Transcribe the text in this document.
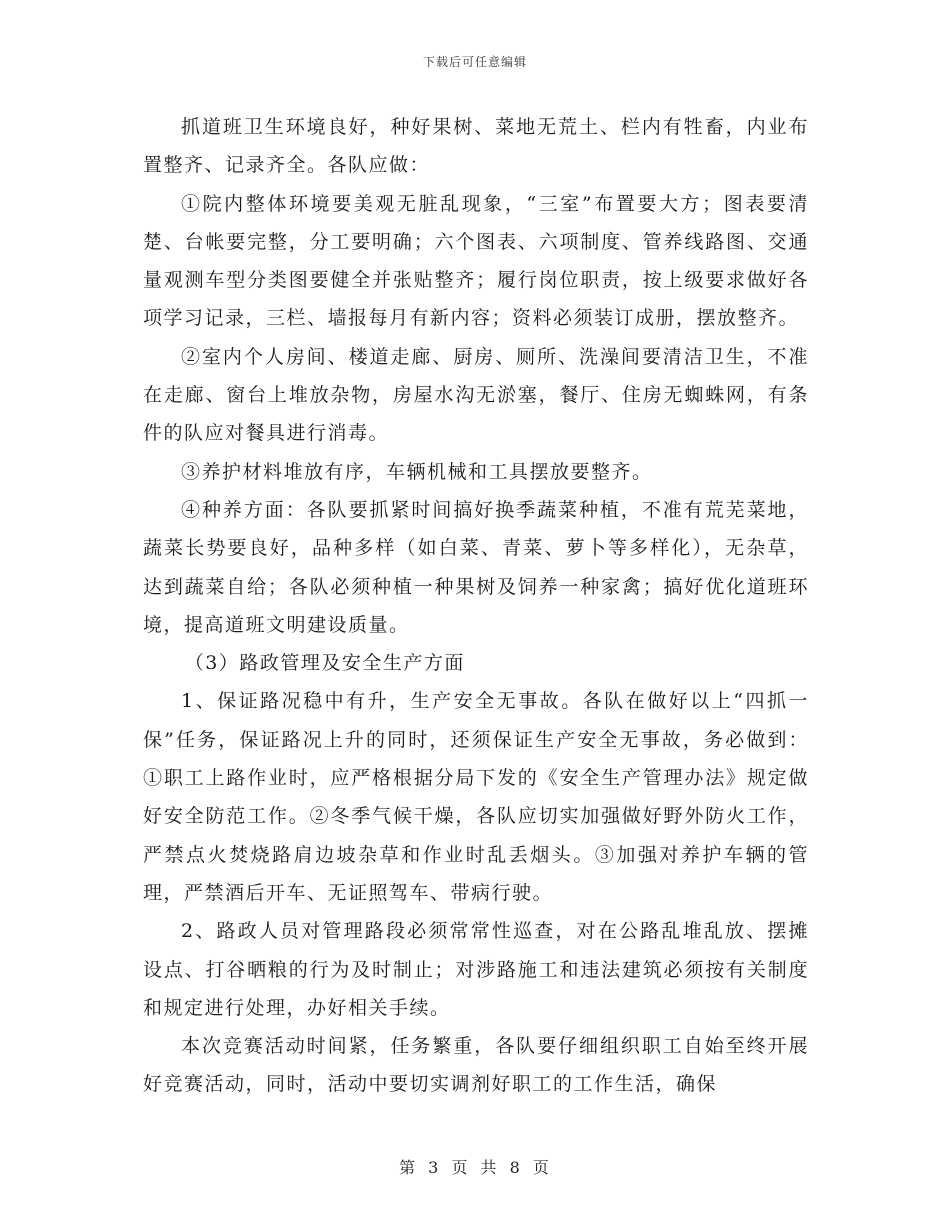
下载后可任意编辑

抓道班卫生环境良好，种好果树、菜地无荒土、栏内有牲畜，内业布置整齐、记录齐全。各队应做：

①院内整体环境要美观无脏乱现象，“三室”布置要大方；图表要清楚、台帐要完整，分工要明确；六个图表、六项制度、管养线路图、交通量观测车型分类图要健全并张贴整齐；履行岗位职责，按上级要求做好各项学习记录，三栏、墙报每月有新内容；资料必须装订成册，摆放整齐。

②室内个人房间、楼道走廊、厨房、厕所、洗澡间要清洁卫生，不准在走廊、窗台上堆放杂物，房屋水沟无淤塞，餐厅、住房无蜘蛛网，有条件的队应对餐具进行消毒。

③养护材料堆放有序，车辆机械和工具摆放要整齐。

④种养方面：各队要抓紧时间搞好换季蔬菜种植，不准有荒芜菜地，蔬菜长势要良好，品种多样（如白菜、青菜、萝卜等多样化），无杂草，达到蔬菜自给；各队必须种植一种果树及饲养一种家禽；搞好优化道班环境，提高道班文明建设质量。

（3）路政管理及安全生产方面

1、保证路况稳中有升，生产安全无事故。各队在做好以上“四抓一保”任务，保证路况上升的同时，还须保证生产安全无事故，务必做到：①职工上路作业时，应严格根据分局下发的《安全生产管理办法》规定做好安全防范工作。②冬季气候干燥，各队应切实加强做好野外防火工作，严禁点火焚烧路肩边坡杂草和作业时乱丢烟头。③加强对养护车辆的管理，严禁酒后开车、无证照驾车、带病行驶。

2、路政人员对管理路段必须常常性巡查，对在公路乱堆乱放、摆摊设点、打谷晒粮的行为及时制止；对涉路施工和违法建筑必须按有关制度和规定进行处理，办好相关手续。

本次竞赛活动时间紧，任务繁重，各队要仔细组织职工自始至终开展好竞赛活动，同时，活动中要切实调剂好职工的工作生活，确保

第 3 页 共 8 页
